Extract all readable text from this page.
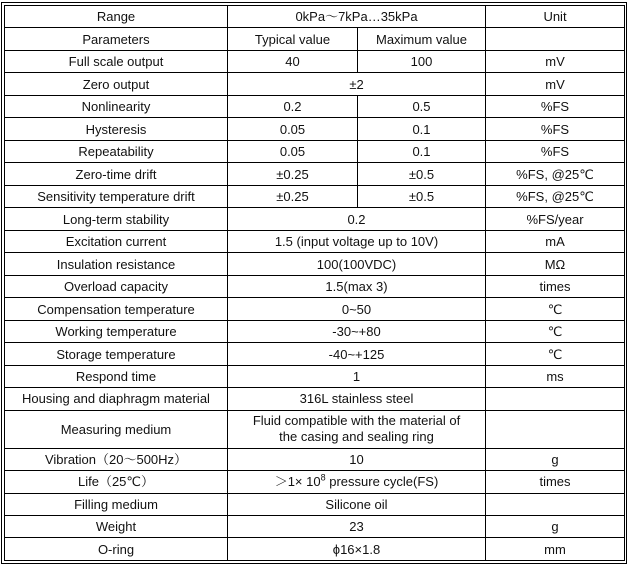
Range	0kPa〜7kPa…35kPa		Unit
Parameters	Typical value	Maximum value	
Full scale output	40	100	mV
Zero output	±2		mV
Nonlinearity	0.2	0.5	%FS
Hysteresis	0.05	0.1	%FS
Repeatability	0.05	0.1	%FS
Zero-time drift	±0.25	±0.5	%FS, @25℃
Sensitivity temperature drift	±0.25	±0.5	%FS, @25℃
Long-term stability	0.2		%FS/year
Excitation current	1.5 (input voltage up to 10V)		mA
Insulation resistance	100(100VDC)		MΩ
Overload capacity	1.5(max 3)		times
Compensation temperature	0~50		℃
Working temperature	-30~+80		℃
Storage temperature	-40~+125		℃
Respond time	1		ms
Housing and diaphragm material	316L stainless steel		
Measuring medium	Fluid compatible with the material of the casing and sealing ring		
Vibration（20～500Hz）	10		g
Life（25℃）	$>1\times 10^8$ pressure cycle(FS)		times
Filling medium	Silicone oil		
Weight	23		g
O-ring	ϕ16×1.8		mm
